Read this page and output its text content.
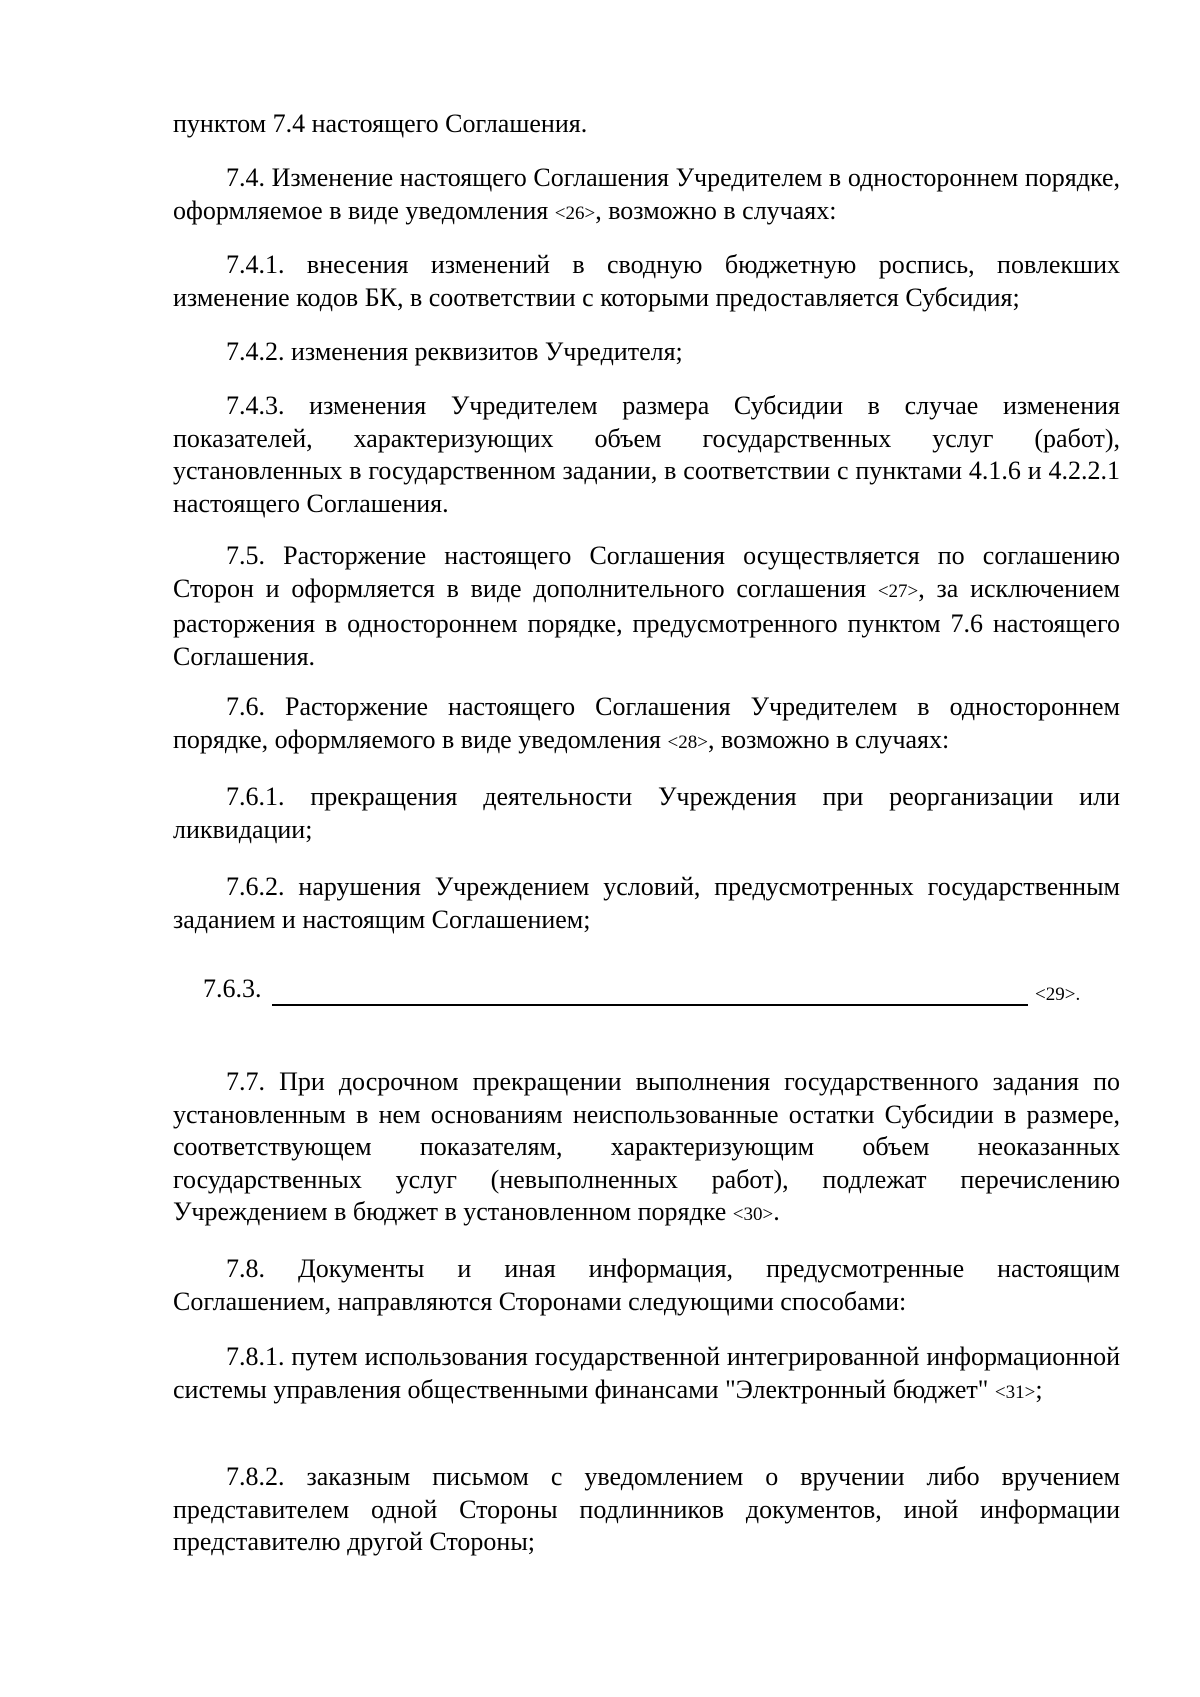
пунктом 7.4 настоящего Соглашения.

7.4. Изменение настоящего Соглашения Учредителем в одностороннем порядке, оформляемое в виде уведомления <26>, возможно в случаях:

7.4.1. внесения изменений в сводную бюджетную роспись, повлекших изменение кодов БК, в соответствии с которыми предоставляется Субсидия;

7.4.2. изменения реквизитов Учредителя;

7.4.3. изменения Учредителем размера Субсидии в случае изменения показателей, характеризующих объем государственных услуг (работ), установленных в государственном задании, в соответствии с пунктами 4.1.6 и 4.2.2.1 настоящего Соглашения.

7.5. Расторжение настоящего Соглашения осуществляется по соглашению Сторон и оформляется в виде дополнительного соглашения <27>, за исключением расторжения в одностороннем порядке, предусмотренного пунктом 7.6 настоящего Соглашения.

7.6. Расторжение настоящего Соглашения Учредителем в одностороннем порядке, оформляемого в виде уведомления <28>, возможно в случаях:

7.6.1. прекращения деятельности Учреждения при реорганизации или ликвидации;

7.6.2. нарушения Учреждением условий, предусмотренных государственным заданием и настоящим Соглашением;

7.6.3.	<29>.

7.7. При досрочном прекращении выполнения государственного задания по установленным в нем основаниям неиспользованные остатки Субсидии в размере, соответствующем показателям, характеризующим объем неоказанных государственных услуг (невыполненных работ), подлежат перечислению Учреждением в бюджет в установленном порядке <30>.

7.8. Документы и иная информация, предусмотренные настоящим Соглашением, направляются Сторонами следующими способами:

7.8.1. путем использования государственной интегрированной информационной системы управления общественными финансами "Электронный бюджет" <31>;

7.8.2. заказным письмом с уведомлением о вручении либо вручением представителем одной Стороны подлинников документов, иной информации представителю другой Стороны;
